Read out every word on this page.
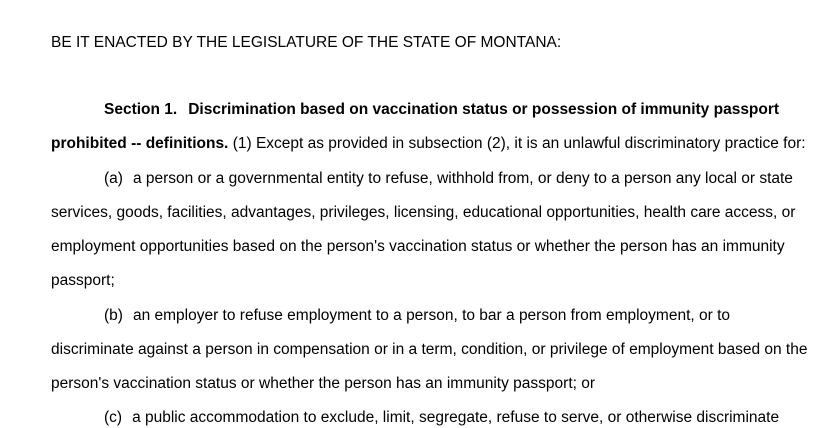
BE IT ENACTED BY THE LEGISLATURE OF THE STATE OF MONTANA:
Section 1. Discrimination based on vaccination status or possession of immunity passport
prohibited -- definitions. (1) Except as provided in subsection (2), it is an unlawful discriminatory practice for:
(a) a person or a governmental entity to refuse, withhold from, or deny to a person any local or state
services, goods, facilities, advantages, privileges, licensing, educational opportunities, health care access, or
employment opportunities based on the person's vaccination status or whether the person has an immunity
passport;
(b) an employer to refuse employment to a person, to bar a person from employment, or to
discriminate against a person in compensation or in a term, condition, or privilege of employment based on the
person's vaccination status or whether the person has an immunity passport; or
(c) a public accommodation to exclude, limit, segregate, refuse to serve, or otherwise discriminate
